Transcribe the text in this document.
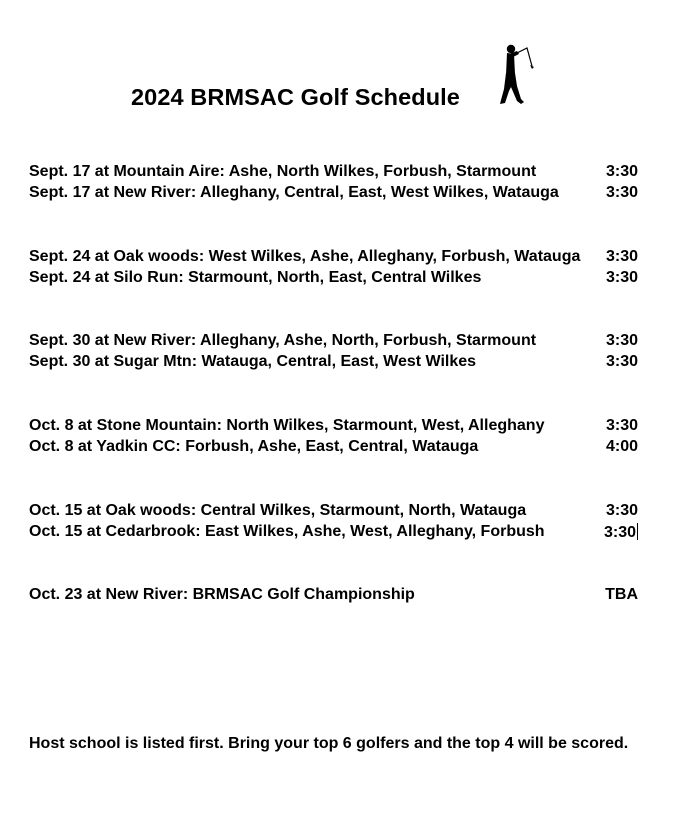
2024 BRMSAC Golf Schedule
Sept. 17 at Mountain Aire: Ashe, North Wilkes, Forbush, Starmount	3:30
Sept. 17 at New River: Alleghany, Central, East, West Wilkes, Watauga	3:30
Sept. 24 at Oak woods: West Wilkes, Ashe, Alleghany, Forbush, Watauga 3:30
Sept. 24 at Silo Run: Starmount, North, East, Central Wilkes	3:30
Sept. 30 at New River: Alleghany, Ashe, North, Forbush, Starmount	3:30
Sept. 30 at Sugar Mtn: Watauga, Central, East, West Wilkes	3:30
Oct. 8 at Stone Mountain: North Wilkes, Starmount, West, Alleghany	3:30
Oct. 8 at Yadkin CC: Forbush, Ashe, East, Central, Watauga	4:00
Oct. 15 at Oak woods: Central Wilkes, Starmount, North, Watauga	3:30
Oct. 15 at Cedarbrook: East Wilkes, Ashe, West, Alleghany, Forbush	3:30
Oct. 23 at New River: BRMSAC Golf Championship	TBA
Host school is listed first. Bring your top 6 golfers and the top 4 will be scored.
